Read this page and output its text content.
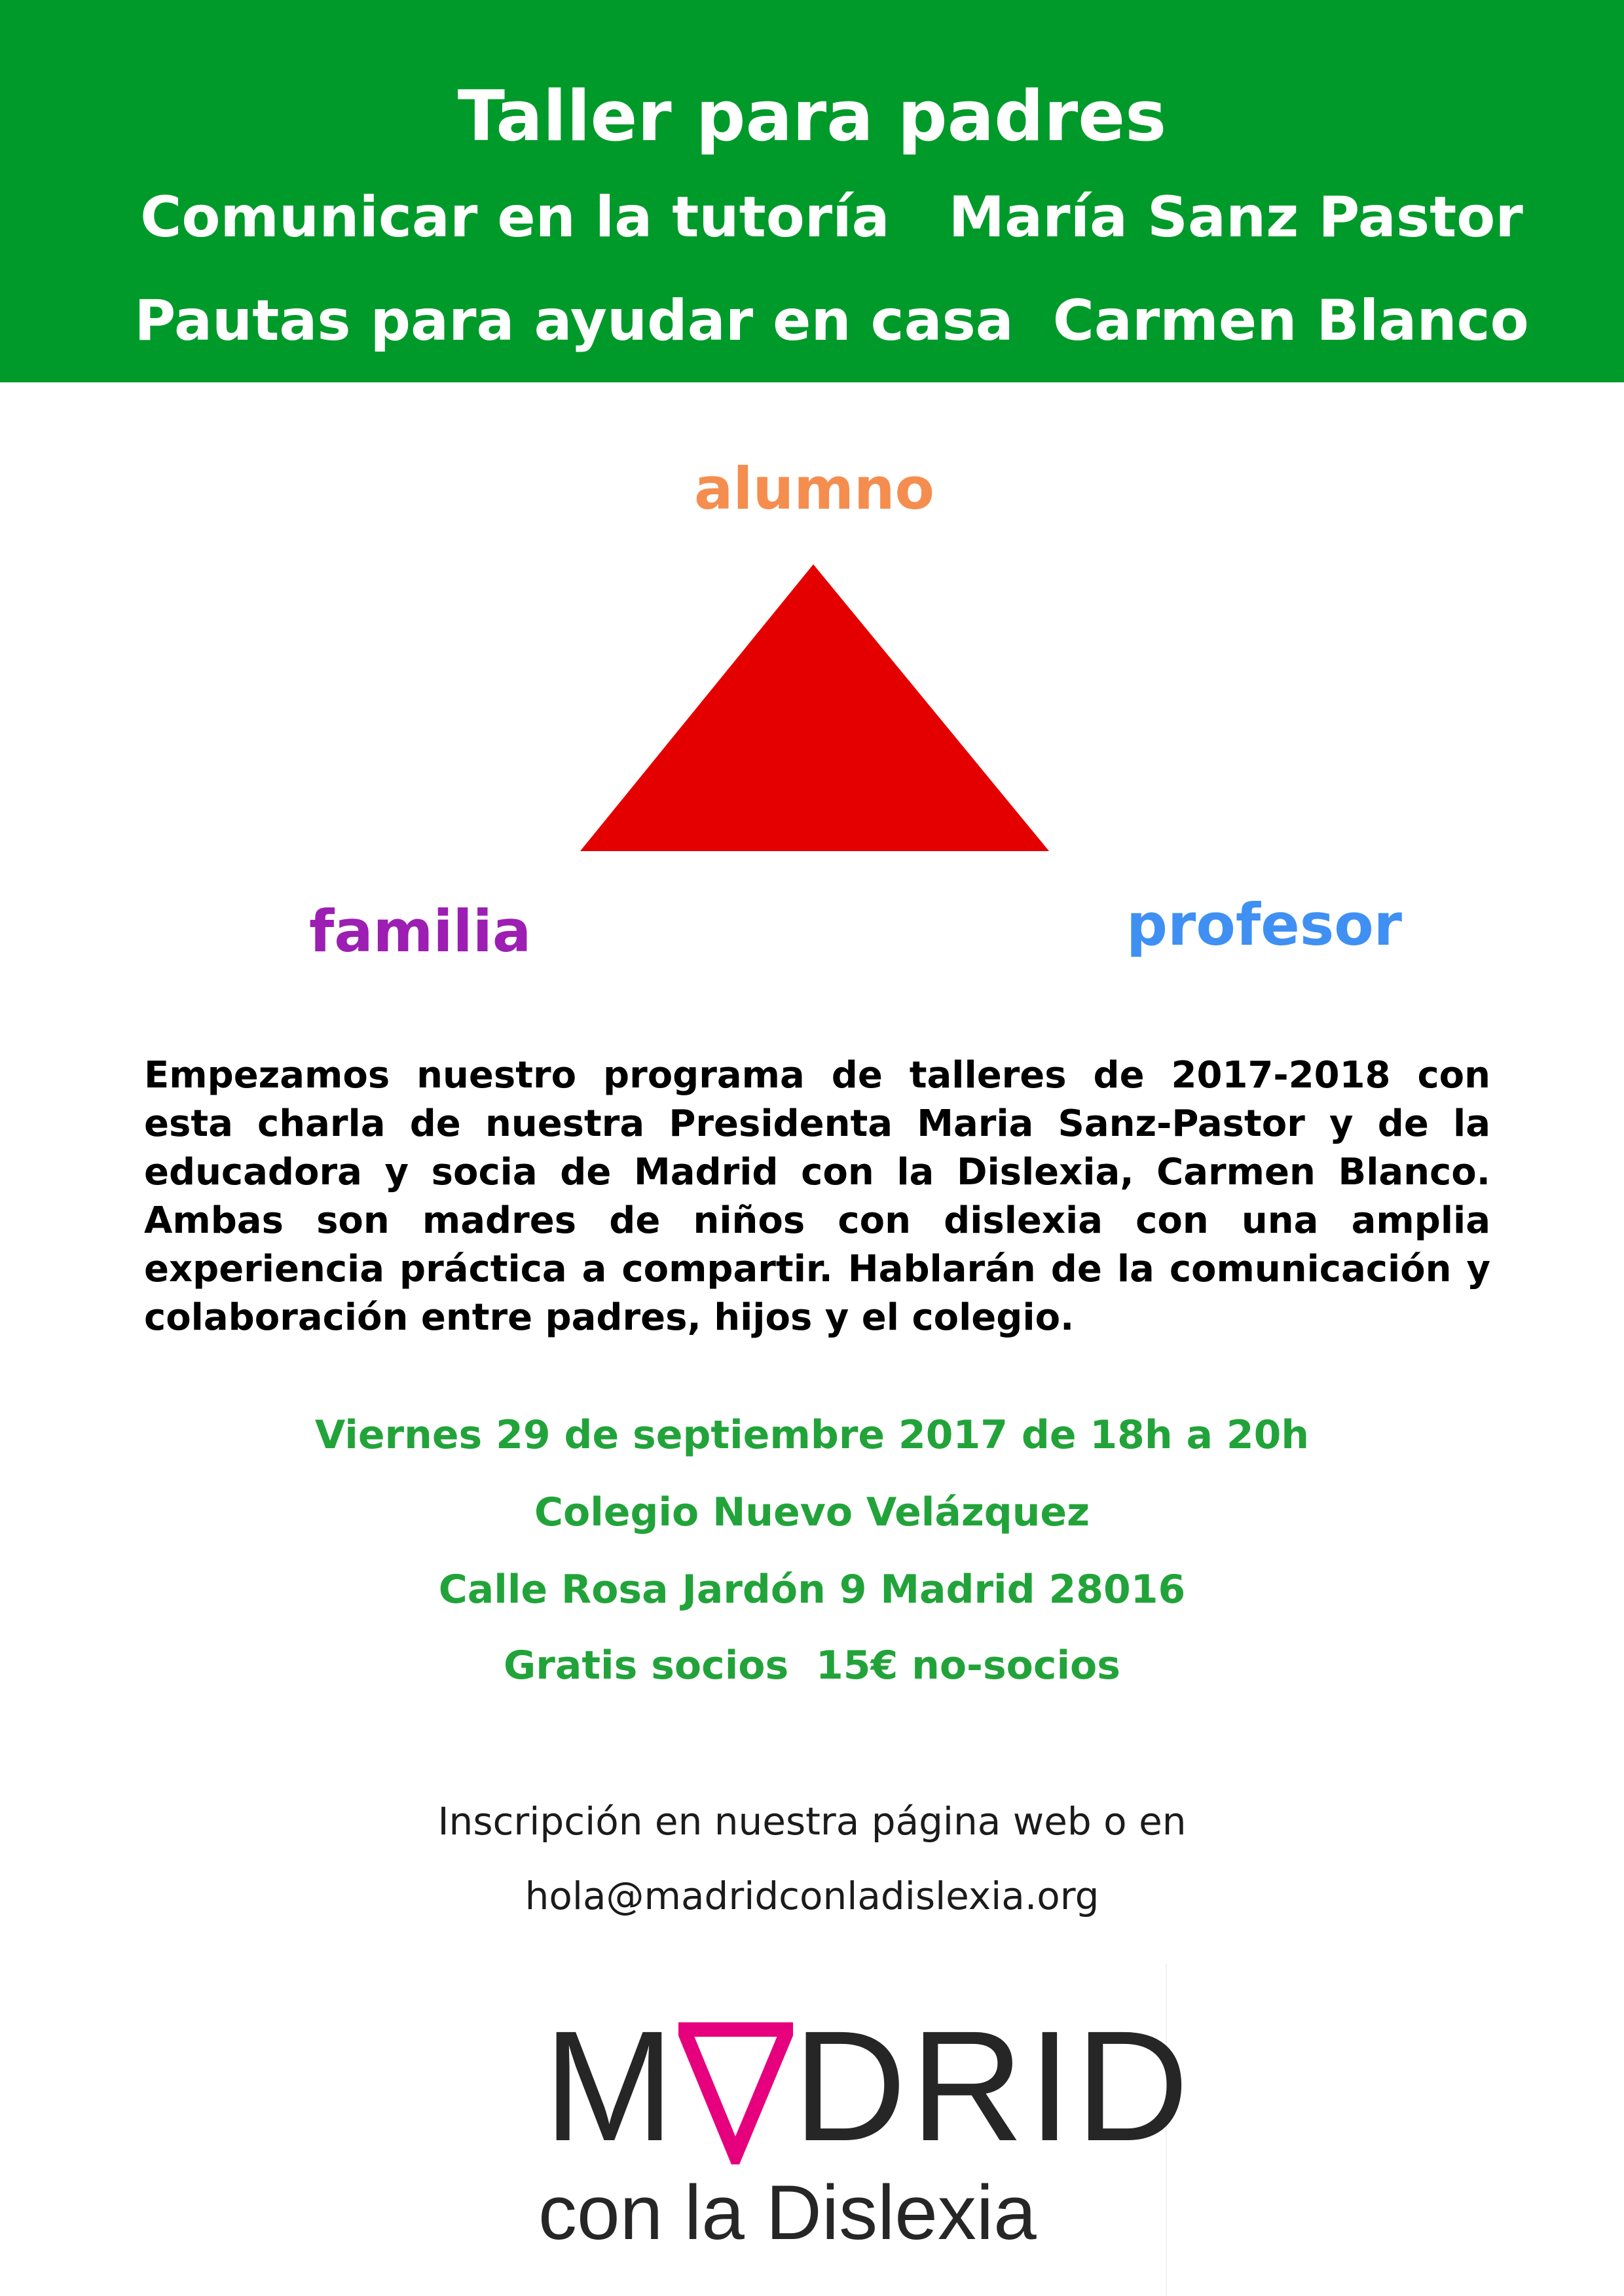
Taller para padres
Comunicar en la tutoría   María Sanz Pastor
Pautas para ayudar en casa  Carmen Blanco
alumno
familia	profesor
Empezamos nuestro programa de talleres de 2017-2018 con esta charla de nuestra Presidenta Maria Sanz-Pastor y de la educadora y socia de Madrid con la Dislexia, Carmen Blanco. Ambas son madres de niños con dislexia con una amplia experiencia práctica a compartir. Hablarán de la comunicación y colaboración entre padres, hijos y el colegio.
Viernes 29 de septiembre 2017 de 18h a 20h
Colegio Nuevo Velázquez
Calle Rosa Jardón 9 Madrid 28016
Gratis socios  15€ no-socios
Inscripción en nuestra página web o en
hola@madridconladislexia.org
M DRID
con la Dislexia
